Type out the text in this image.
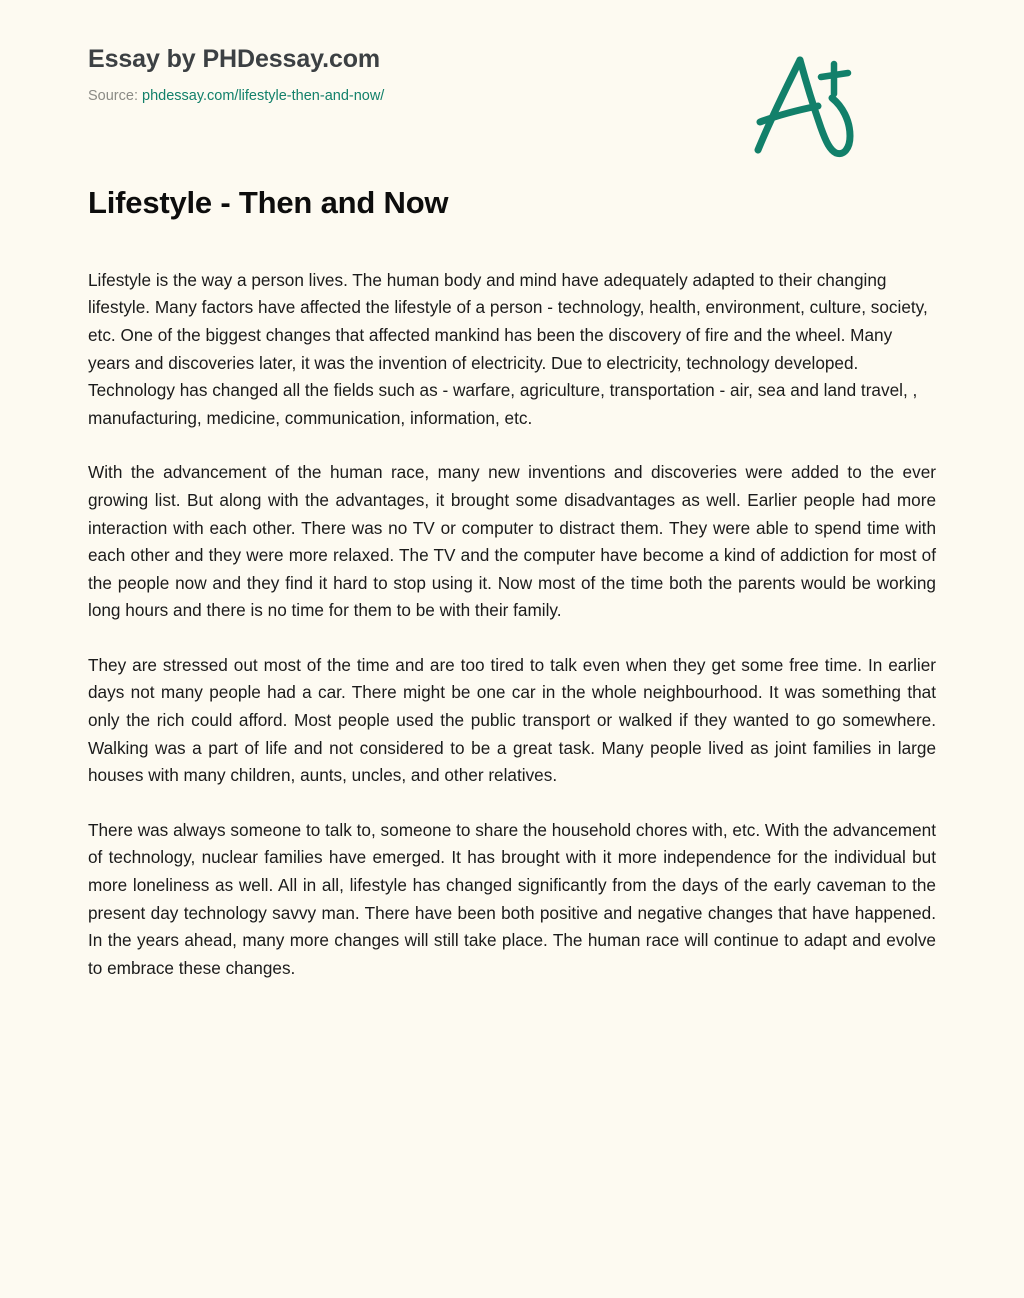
Essay by PHDessay.com
Source: phdessay.com/lifestyle-then-and-now/
Lifestyle - Then and Now

Lifestyle is the way a person lives. The human body and mind have adequately adapted to their changing lifestyle. Many factors have affected the lifestyle of a person - technology, health, environment, culture, society, etc. One of the biggest changes that affected mankind has been the discovery of fire and the wheel. Many years and discoveries later, it was the invention of electricity. Due to electricity, technology developed. Technology has changed all the fields such as - warfare, agriculture, transportation - air, sea and land travel, , manufacturing, medicine, communication, information, etc.

With the advancement of the human race, many new inventions and discoveries were added to the ever growing list. But along with the advantages, it brought some disadvantages as well. Earlier people had more interaction with each other. There was no TV or computer to distract them. They were able to spend time with each other and they were more relaxed. The TV and the computer have become a kind of addiction for most of the people now and they find it hard to stop using it. Now most of the time both the parents would be working long hours and there is no time for them to be with their family.

They are stressed out most of the time and are too tired to talk even when they get some free time. In earlier days not many people had a car. There might be one car in the whole neighbourhood. It was something that only the rich could afford. Most people used the public transport or walked if they wanted to go somewhere. Walking was a part of life and not considered to be a great task. Many people lived as joint families in large houses with many children, aunts, uncles, and other relatives.

There was always someone to talk to, someone to share the household chores with, etc. With the advancement of technology, nuclear families have emerged. It has brought with it more independence for the individual but more loneliness as well. All in all, lifestyle has changed significantly from the days of the early caveman to the present day technology savvy man. There have been both positive and negative changes that have happened. In the years ahead, many more changes will still take place. The human race will continue to adapt and evolve to embrace these changes.
